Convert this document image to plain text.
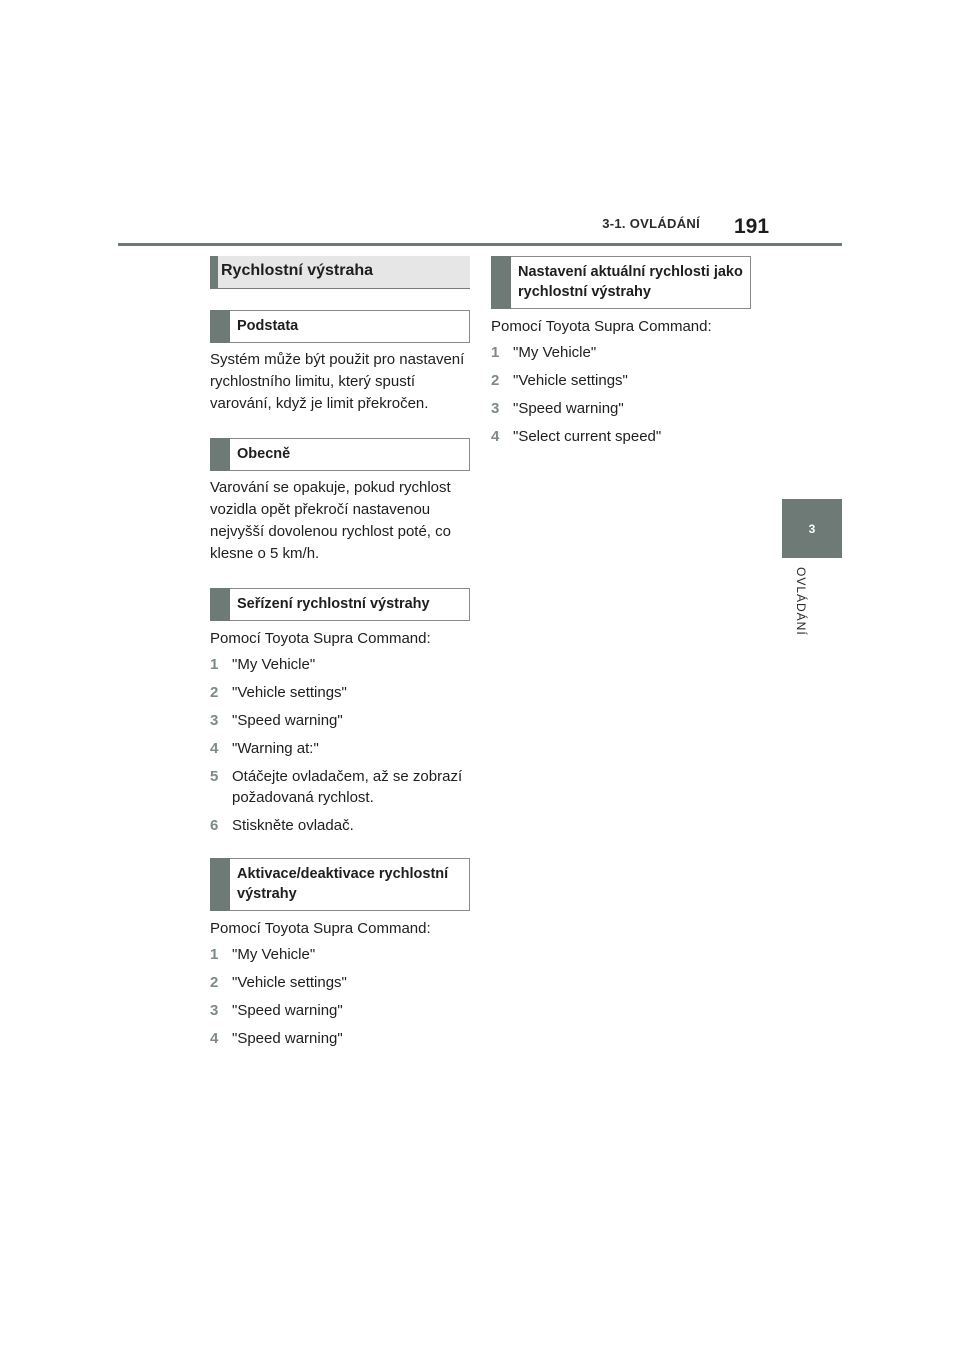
3-1. OVLÁDÁNÍ 191
3
OVLÁDÁNÍ
Rychlostní výstraha
Podstata

Systém může být použit pro nastavení rychlostního limitu, který spustí varování, když je limit překročen.

Obecně

Varování se opakuje, pokud rychlost vozidla opět překročí nastavenou nejvyšší dovolenou rychlost poté, co klesne o 5 km/h.

Seřízení rychlostní výstrahy

Pomocí Toyota Supra Command:

1 "My Vehicle"
2 "Vehicle settings"
3 "Speed warning"
4 "Warning at:"
5 Otáčejte ovladačem, až se zobrazí požadovaná rychlost.
6 Stiskněte ovladač.
Aktivace/deaktivace rychlostní výstrahy

Pomocí Toyota Supra Command:

1 "My Vehicle"
2 "Vehicle settings"
3 "Speed warning"
4 "Speed warning"
Nastavení aktuální rychlosti jako rychlostní výstrahy

Pomocí Toyota Supra Command:

1 "My Vehicle"
2 "Vehicle settings"
3 "Speed warning"
4 "Select current speed"
